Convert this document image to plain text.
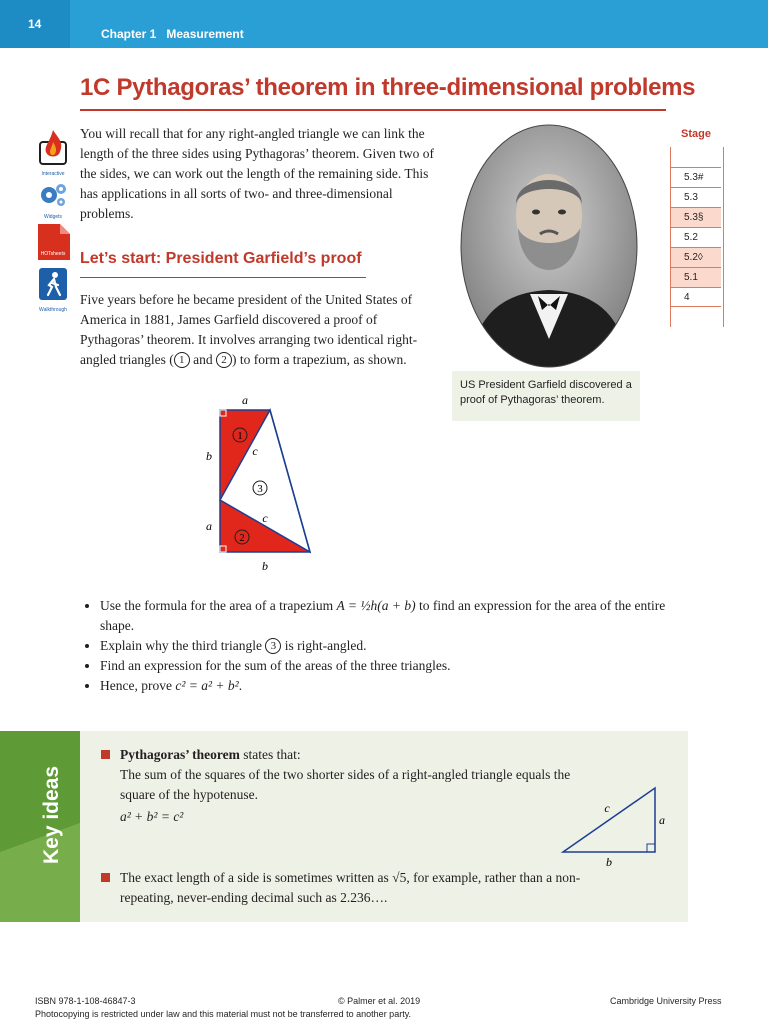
14
Chapter 1 Measurement
1C Pythagoras’ theorem in three-dimensional problems
Interactive
Widgets
HOTsheets
Walkthrough
You will recall that for any right-angled triangle we can link the length of the three sides using Pythagoras’ theorem. Given two of the sides, we can work out the length of the remaining side. This has applications in all sorts of two- and three-dimensional problems.
US President Garfield discovered a proof of Pythagoras’ theorem.
Stage
5.3#
5.3
5.3§
5.2
5.2◊
5.1
4
Let’s start: President Garfield’s proof
Five years before he became president of the United States of America in 1881, James Garfield discovered a proof of Pythagoras’ theorem. It involves arranging two identical right-angled triangles ( 1 and 2 ) to form a trapezium, as shown.
a
b
a
b
c
c
1
2
3
• Use the formula for the area of a trapezium A = ½h(a + b) to find an expression for the area of the entire shape.
• Explain why the third triangle 3 is right-angled.
• Find an expression for the sum of the areas of the three triangles.
• Hence, prove c² = a² + b².
Key ideas
Pythagoras’ theorem states that:
The sum of the squares of the two shorter sides of a right-angled triangle equals the square of the hypotenuse.
a² + b² = c²
c
a
b
The exact length of a side is sometimes written as √5, for example, rather than a non-repeating, never-ending decimal such as 2.236….
ISBN 978-1-108-46847-3	© Palmer et al. 2019	Cambridge University Press
Photocopying is restricted under law and this material must not be transferred to another party.
